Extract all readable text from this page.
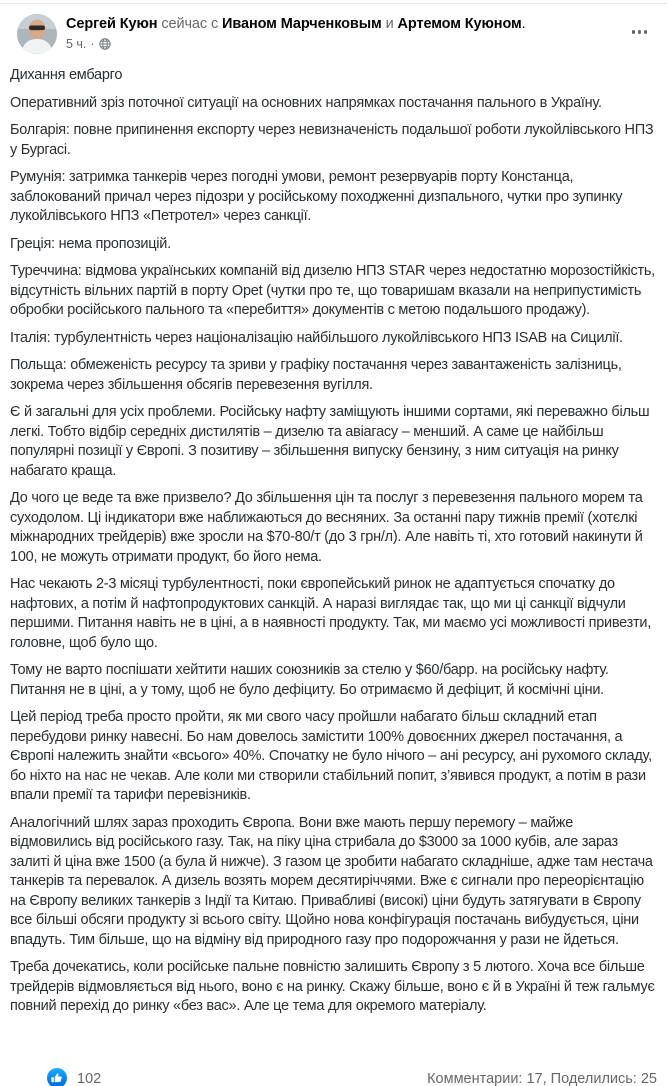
Сергей Куюн сейчас с Иваном Марченковым и Артемом Куюном.
5 ч. ·
Дихання ембарго
Оперативний зріз поточної ситуації на основних напрямках постачання пального в Україну.
Болгарія: повне припинення експорту через невизначеність подальшої роботи лукойлівського НПЗ у Бургасі.
Румунія: затримка танкерів через погодні умови, ремонт резервуарів порту Констанца, заблокований причал через підозри у російському походженні дизпального, чутки про зупинку лукойлівського НПЗ «Петротел» через санкції.
Греція: нема пропозицій.
Туреччина: відмова українських компаній від дизелю НПЗ STAR через недостатню морозостійкість, відсутність вільних партій в порту Opet (чутки про те, що товаришам вказали на неприпустимість обробки російського пального та «перебиття» документів с метою подальшого продажу).
Італія: турбулентність через націоналізацію найбільшого лукойлівського НПЗ ISAB на Сицилії.
Польща: обмеженість ресурсу та зриви у графіку постачання через завантаженість залізниць, зокрема через збільшення обсягів перевезення вугілля.
Є й загальні для усіх проблеми. Російську нафту заміщують іншими сортами, які переважно більш легкі. Тобто відбір середніх дистилятів – дизелю та авіагасу – менший. А саме це найбільш популярні позиції у Європі. З позитиву – збільшення випуску бензину, з ним ситуація на ринку набагато краща.
До чого це веде та вже призвело? До збільшення цін та послуг з перевезення пального морем та суходолом. Ці індикатори вже наближаються до весняних. За останні пару тижнів премії (хотєлкі міжнародних трейдерів) вже зросли на $70-80/т (до 3 грн/л). Але навіть ті, хто готовий накинути й 100, не можуть отримати продукт, бо його нема.
Нас чекають 2-3 місяці турбулентності, поки європейський ринок не адаптується спочатку до нафтових, а потім й нафтопродуктових санкцій. А наразі виглядає так, що ми ці санкції відчули першими. Питання навіть не в ціні, а в наявності продукту. Так, ми маємо усі можливості привезти, головне, щоб було що.
Тому не варто поспішати хейтити наших союзників за стелю у $60/барр. на російську нафту. Питання не в ціні, а у тому, щоб не було дефіциту. Бо отримаємо й дефіцит, й космічні ціни.
Цей період треба просто пройти, як ми свого часу пройшли набагато більш складний етап перебудови ринку навесні. Бо нам довелось замістити 100% довоєнних джерел постачання, а Європі належить знайти «всього» 40%. Спочатку не було нічого – ані ресурсу, ані рухомого складу, бо ніхто на нас не чекав. Але коли ми створили стабільний попит, з’явився продукт, а потім в рази впали премії та тарифи перевізників.
Аналогічний шлях зараз проходить Європа. Вони вже мають першу перемогу – майже відмовились від російського газу. Так, на піку ціна стрибала до $3000 за 1000 кубів, але зараз залиті й ціна вже 1500 (а була й нижче). З газом це зробити набагато складніше, адже там нестача танкерів та перевалок. А дизель возять морем десятиріччями. Вже є сигнали про переорієнтацію на Європу великих танкерів з Індії та Китаю. Привабливі (високі) ціни будуть затягувати в Європу все більші обсяги продукту зі всього світу. Щойно нова конфігурація постачань вибудується, ціни впадуть. Тим більше, що на відміну від природного газу про подорожчання у рази не йдеться.
Треба дочекатись, коли російське пальне повністю залишить Європу з 5 лютого. Хоча все більше трейдерів відмовляється від нього, воно є на ринку. Скажу більше, воно є й в Україні й теж гальмує повний перехід до ринку «без вас». Але це тема для окремого матеріалу.
102	Комментарии: 17, Поделились: 25
